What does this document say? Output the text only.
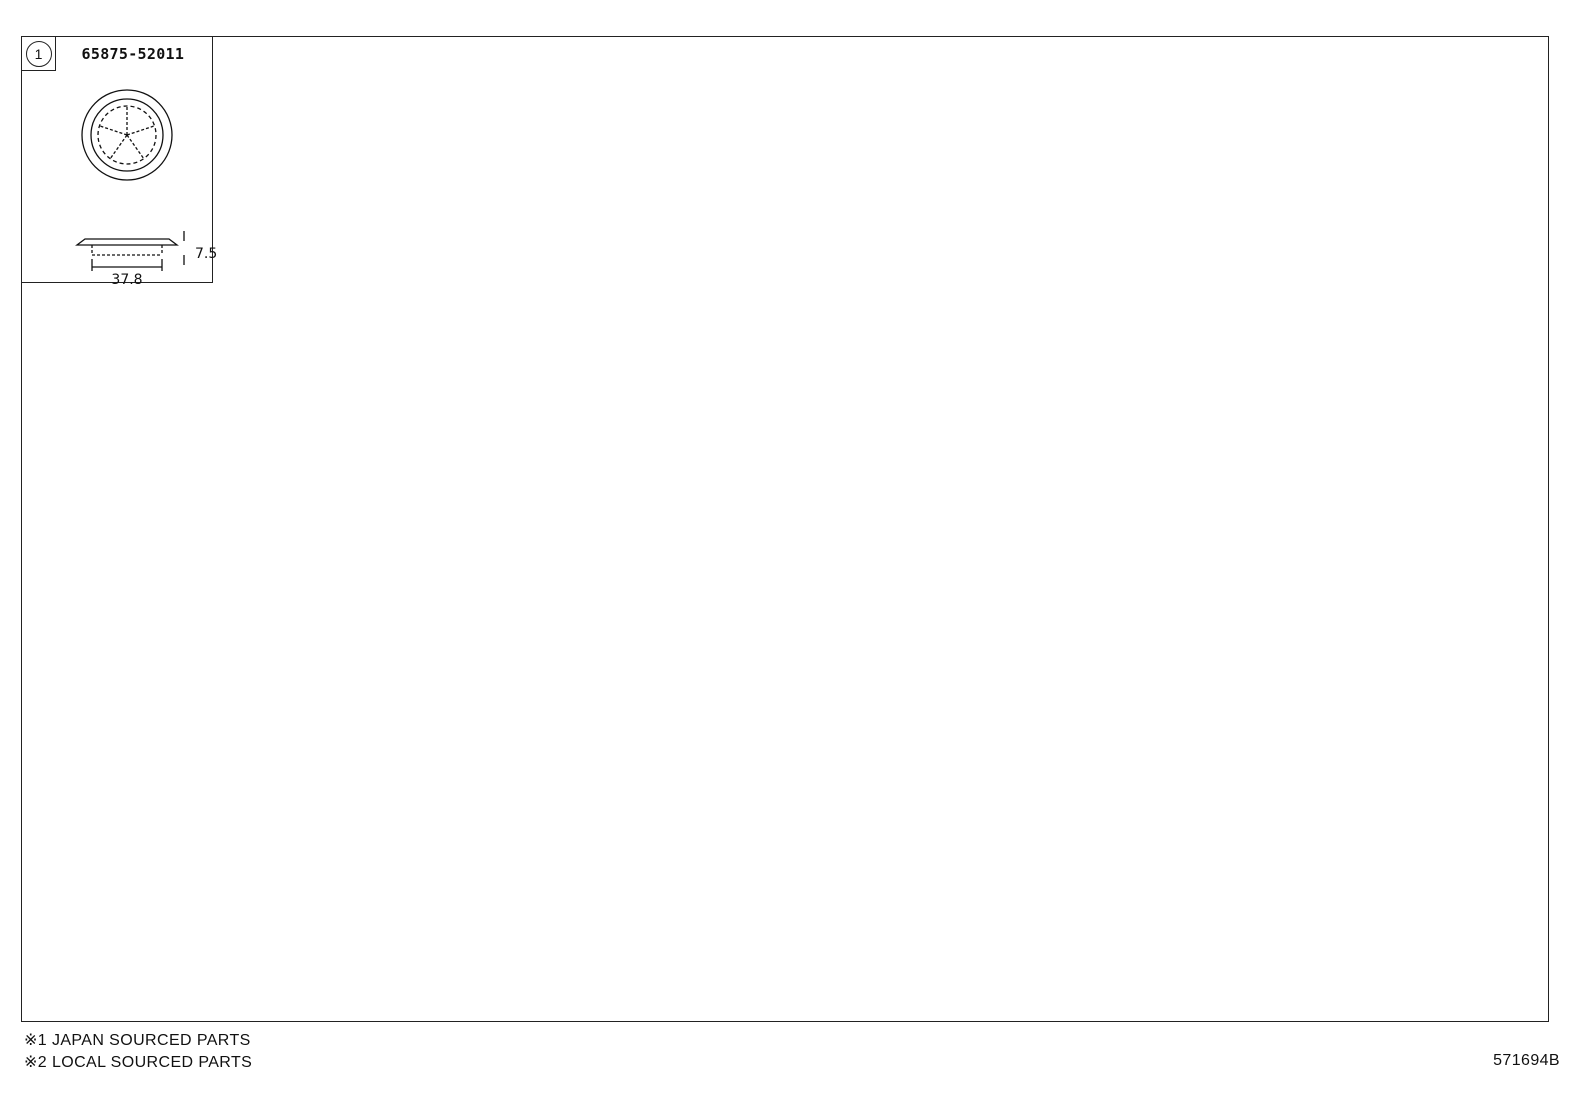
1	65875-52011
7.5
37.8
※1 JAPAN SOURCED PARTS
※2 LOCAL SOURCED PARTS	571694B
